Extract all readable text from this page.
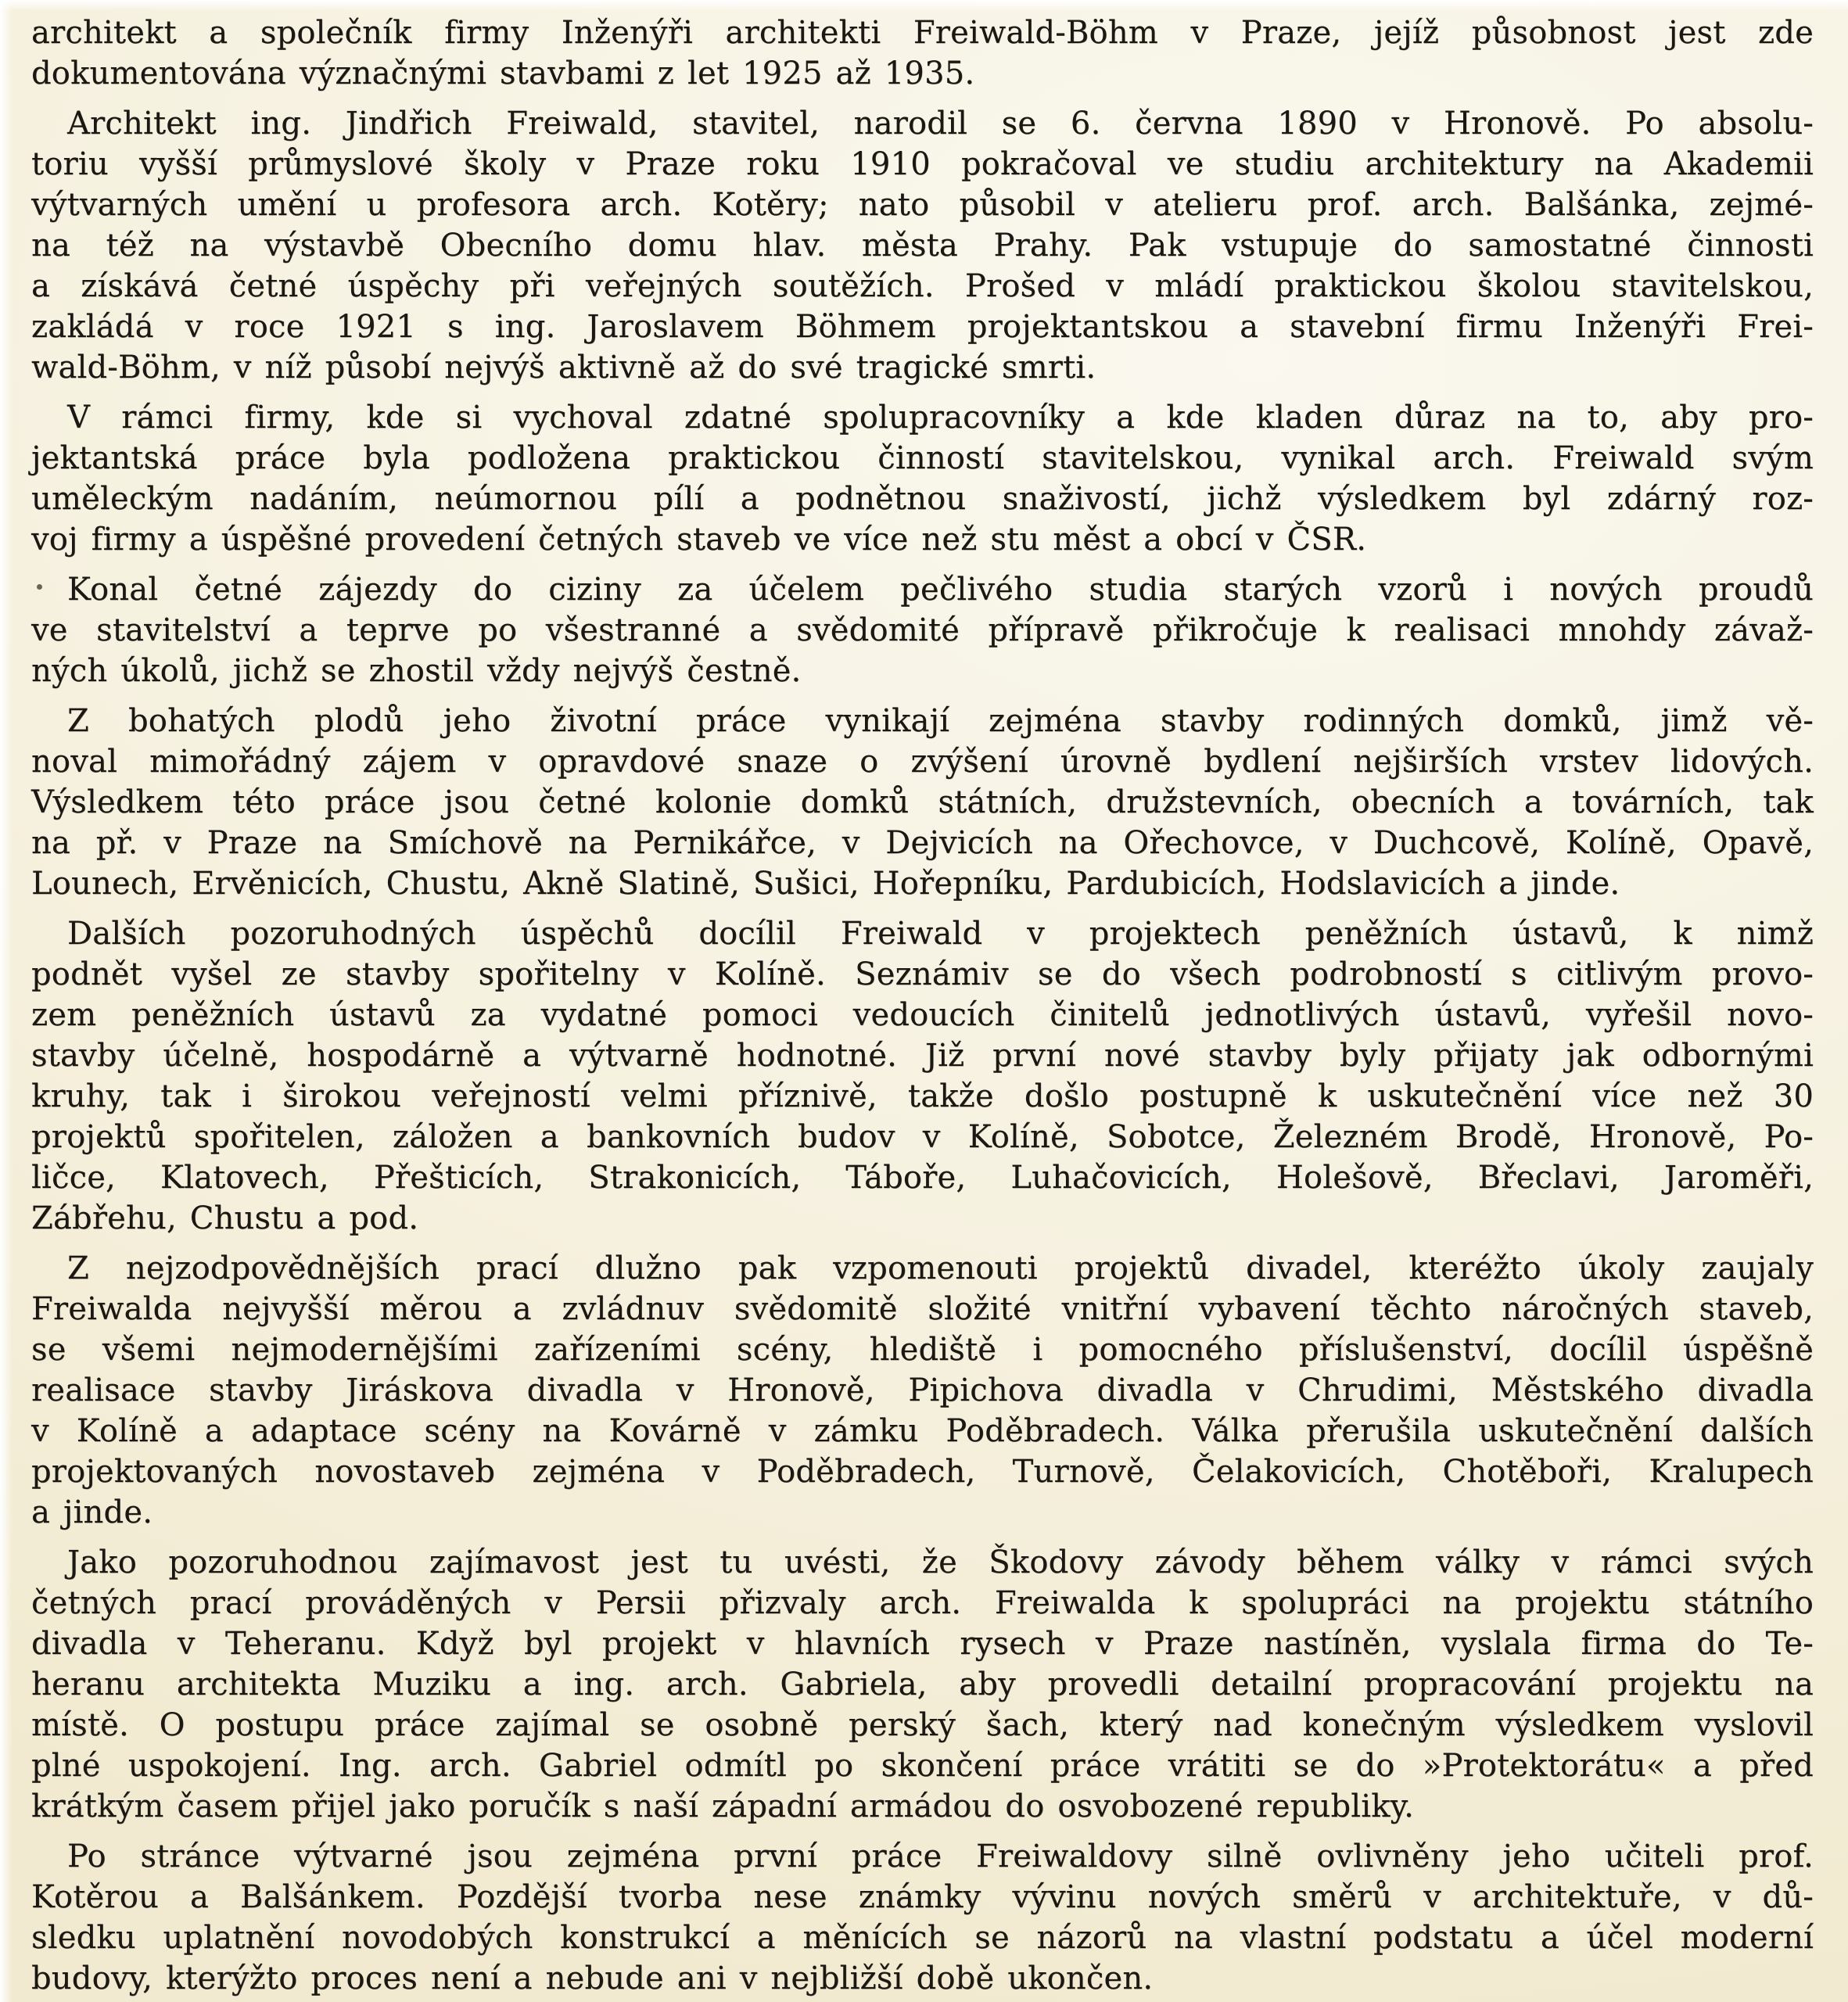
architekt a společník firmy Inženýři architekti Freiwald-Böhm v Praze, jejíž působnost jest zde
dokumentována význačnými stavbami z let 1925 až 1935.

Architekt ing. Jindřich Freiwald, stavitel, narodil se 6. června 1890 v Hronově. Po absolu-
toriu vyšší průmyslové školy v Praze roku 1910 pokračoval ve studiu architektury na Akademii
výtvarných umění u profesora arch. Kotěry; nato působil v atelieru prof. arch. Balšánka, zejmé-
na též na výstavbě Obecního domu hlav. města Prahy. Pak vstupuje do samostatné činnosti
a získává četné úspěchy při veřejných soutěžích. Prošed v mládí praktickou školou stavitelskou,
zakládá v roce 1921 s ing. Jaroslavem Böhmem projektantskou a stavební firmu Inženýři Frei-
wald-Böhm, v níž působí nejvýš aktivně až do své tragické smrti.

V rámci firmy, kde si vychoval zdatné spolupracovníky a kde kladen důraz na to, aby pro-
jektantská práce byla podložena praktickou činností stavitelskou, vynikal arch. Freiwald svým
uměleckým nadáním, neúmornou pílí a podnětnou snaživostí, jichž výsledkem byl zdárný roz-
voj firmy a úspěšné provedení četných staveb ve více než stu měst a obcí v ČSR.

Konal četné zájezdy do ciziny za účelem pečlivého studia starých vzorů i nových proudů
ve stavitelství a teprve po všestranné a svědomité přípravě přikročuje k realisaci mnohdy závaž-
ných úkolů, jichž se zhostil vždy nejvýš čestně.

Z bohatých plodů jeho životní práce vynikají zejména stavby rodinných domků, jimž vě-
noval mimořádný zájem v opravdové snaze o zvýšení úrovně bydlení nejširších vrstev lidových.
Výsledkem této práce jsou četné kolonie domků státních, družstevních, obecních a továrních, tak
na př. v Praze na Smíchově na Pernikářce, v Dejvicích na Ořechovce, v Duchcově, Kolíně, Opavě,
Lounech, Ervěnicích, Chustu, Akně Slatině, Sušici, Hořepníku, Pardubicích, Hodslavicích a jinde.

Dalších pozoruhodných úspěchů docílil Freiwald v projektech peněžních ústavů, k nimž
podnět vyšel ze stavby spořitelny v Kolíně. Seznámiv se do všech podrobností s citlivým provo-
zem peněžních ústavů za vydatné pomoci vedoucích činitelů jednotlivých ústavů, vyřešil novo-
stavby účelně, hospodárně a výtvarně hodnotné. Již první nové stavby byly přijaty jak odbornými
kruhy, tak i širokou veřejností velmi příznivě, takže došlo postupně k uskutečnění více než 30
projektů spořitelen, záložen a bankovních budov v Kolíně, Sobotce, Železném Brodě, Hronově, Po-
ličce, Klatovech, Přešticích, Strakonicích, Táboře, Luhačovicích, Holešově, Břeclavi, Jaroměři,
Zábřehu, Chustu a pod.

Z nejzodpovědnějších prací dlužno pak vzpomenouti projektů divadel, kteréžto úkoly zaujaly
Freiwalda nejvyšší měrou a zvládnuv svědomitě složité vnitřní vybavení těchto náročných staveb,
se všemi nejmodernějšími zařízeními scény, hlediště i pomocného příslušenství, docílil úspěšně
realisace stavby Jiráskova divadla v Hronově, Pipichova divadla v Chrudimi, Městského divadla
v Kolíně a adaptace scény na Kovárně v zámku Poděbradech. Válka přerušila uskutečnění dalších
projektovaných novostaveb zejména v Poděbradech, Turnově, Čelakovicích, Chotěboři, Kralupech
a jinde.

Jako pozoruhodnou zajímavost jest tu uvésti, že Škodovy závody během války v rámci svých
četných prací prováděných v Persii přizvaly arch. Freiwalda k spolupráci na projektu státního
divadla v Teheranu. Když byl projekt v hlavních rysech v Praze nastíněn, vyslala firma do Te-
heranu architekta Muziku a ing. arch. Gabriela, aby provedli detailní propracování projektu na
místě. O postupu práce zajímal se osobně perský šach, který nad konečným výsledkem vyslovil
plné uspokojení. Ing. arch. Gabriel odmítl po skončení práce vrátiti se do »Protektorátu« a před
krátkým časem přijel jako poručík s naší západní armádou do osvobozené republiky.

Po stránce výtvarné jsou zejména první práce Freiwaldovy silně ovlivněny jeho učiteli prof.
Kotěrou a Balšánkem. Pozdější tvorba nese známky vývinu nových směrů v architektuře, v dů-
sledku uplatnění novodobých konstrukcí a měnících se názorů na vlastní podstatu a účel moderní
budovy, kterýžto proces není a nebude ani v nejbližší době ukončen.
